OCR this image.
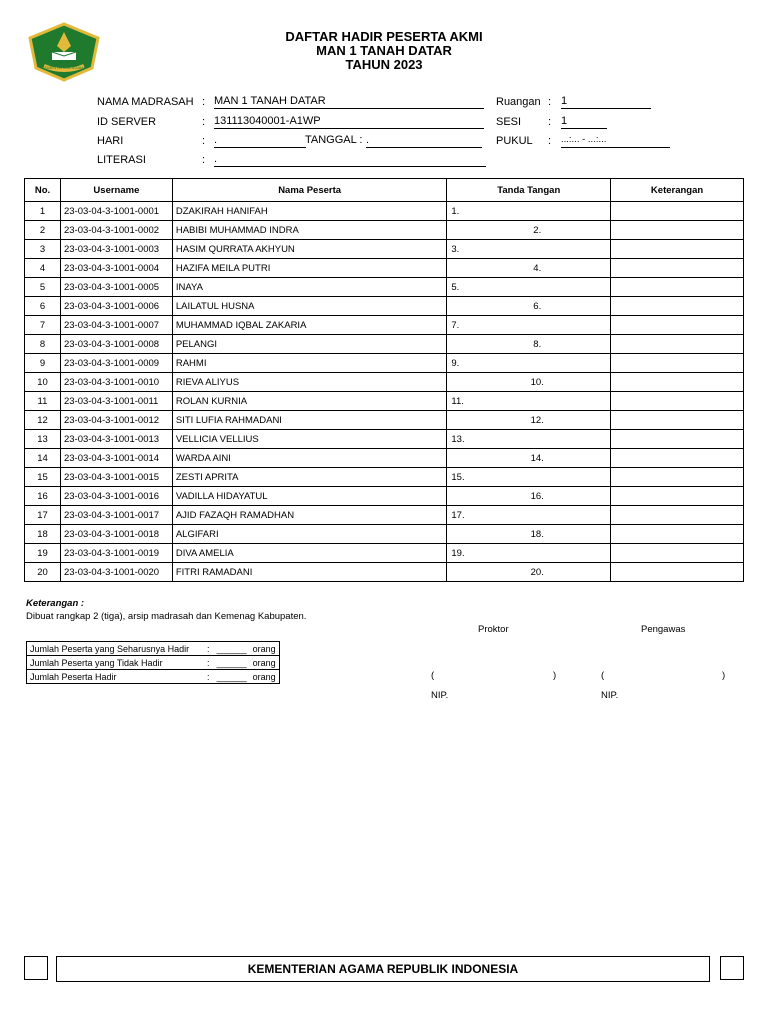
KEMENTERIAN AGAMA
DAFTAR HADIR PESERTA AKMI
MAN 1 TANAH DATAR
TAHUN 2023
NAMA MADRASAH : MAN 1 TANAH DATAR
ID SERVER	: 131113040001-A1WP
HARI	: .	TANGGAL : .
LITERASI	: .
Ruangan : 1
SESI : 1
PUKUL : ...:... - ...:...
No.	Username	Nama Peserta	Tanda Tangan	Keterangan
1	23-03-04-3-1001-0001	DZAKIRAH HANIFAH	1.	
2	23-03-04-3-1001-0002	HABIBI MUHAMMAD INDRA	2.	
3	23-03-04-3-1001-0003	HASIM QURRATA AKHYUN	3.	
4	23-03-04-3-1001-0004	HAZIFA MEILA PUTRI	4.	
5	23-03-04-3-1001-0005	INAYA	5.	
6	23-03-04-3-1001-0006	LAILATUL HUSNA	6.	
7	23-03-04-3-1001-0007	MUHAMMAD IQBAL ZAKARIA	7.	
8	23-03-04-3-1001-0008	PELANGI	8.	
9	23-03-04-3-1001-0009	RAHMI	9.	
10	23-03-04-3-1001-0010	RIEVA ALIYUS	10.	
11	23-03-04-3-1001-0011	ROLAN KURNIA	11.	
12	23-03-04-3-1001-0012	SITI LUFIA RAHMADANI	12.	
13	23-03-04-3-1001-0013	VELLICIA VELLIUS	13.	
14	23-03-04-3-1001-0014	WARDA AINI	14.	
15	23-03-04-3-1001-0015	ZESTI APRITA	15.	
16	23-03-04-3-1001-0016	VADILLA HIDAYATUL	16.	
17	23-03-04-3-1001-0017	AJID FAZAQH RAMADHAN	17.	
18	23-03-04-3-1001-0018	ALGIFARI	18.	
19	23-03-04-3-1001-0019	DIVA AMELIA	19.	
20	23-03-04-3-1001-0020	FITRI RAMADANI	20.	
Keterangan :
Dibuat rangkap 2 (tiga), arsip madrasah dan Kemenag Kabupaten.
Jumlah Peserta yang Seharusnya Hadir	:	______	orang
Jumlah Peserta yang Tidak Hadir	:	______	orang
Jumlah Peserta Hadir	:	______	orang
Proktor	Pengawas
(	)	(	)
NIP.	NIP.
KEMENTERIAN AGAMA REPUBLIK INDONESIA
